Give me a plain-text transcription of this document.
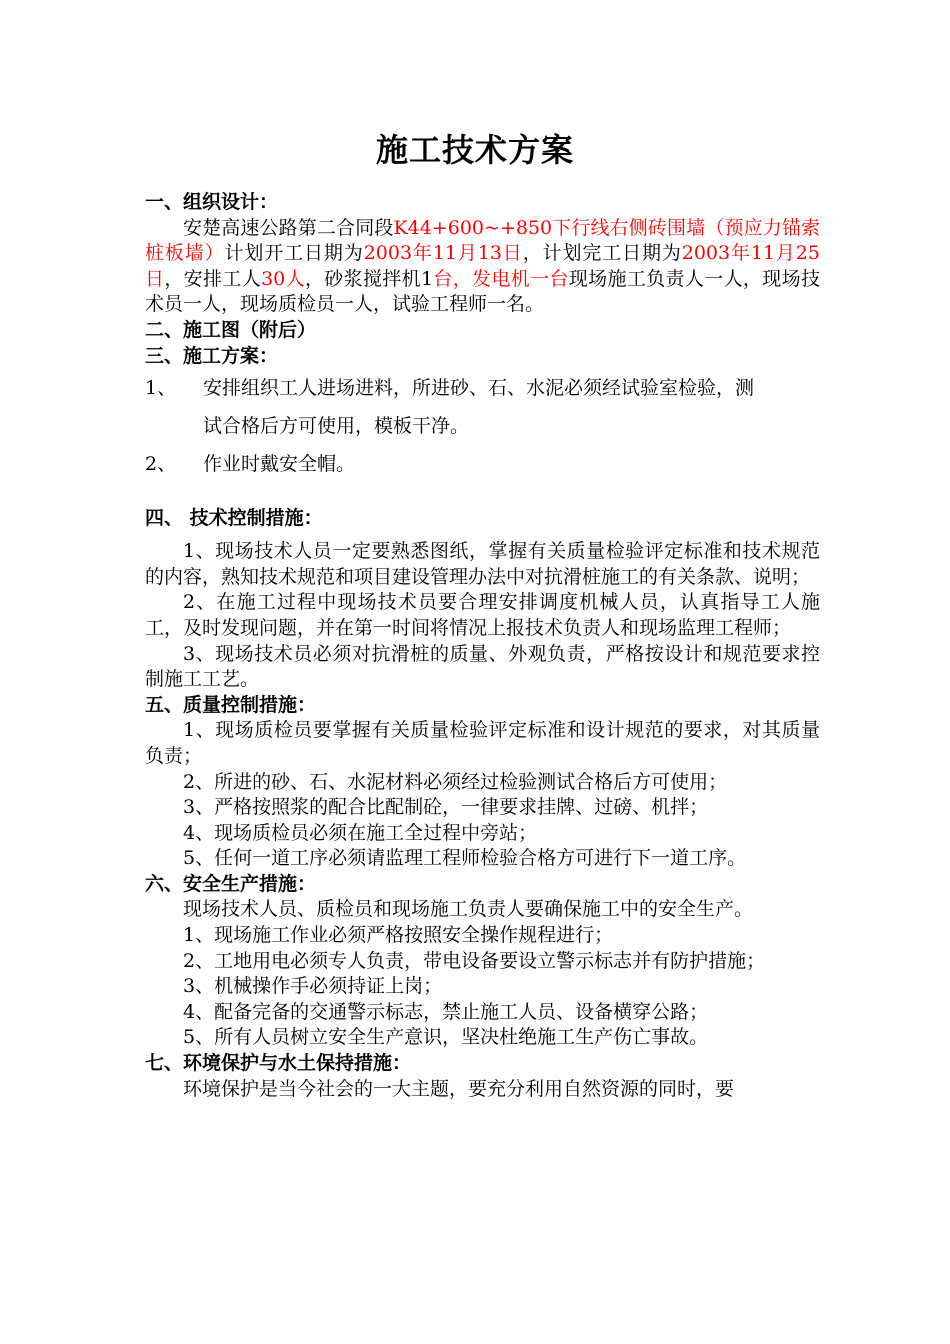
施工技术方案

一、组织设计：

安楚高速公路第二合同段K44+600~+850下行线右侧砖围墙（预应力锚索桩板墙）计划开工日期为2003年11月13日，计划完工日期为2003年11月25日，安排工人30人，砂浆搅拌机1台，发电机一台现场施工负责人一人，现场技术员一人，现场质检员一人，试验工程师一名。

二、施工图（附后）

三、施工方案：

1、	安排组织工人进场进料，所进砂、石、水泥必须经试验室检验，测
试合格后方可使用，模板干净。
2、	作业时戴安全帽。

四、 技术控制措施：

1、现场技术人员一定要熟悉图纸，掌握有关质量检验评定标准和技术规范的内容，熟知技术规范和项目建设管理办法中对抗滑桩施工的有关条款、说明；

2、在施工过程中现场技术员要合理安排调度机械人员，认真指导工人施工，及时发现问题，并在第一时间将情况上报技术负责人和现场监理工程师；

3、现场技术员必须对抗滑桩的质量、外观负责，严格按设计和规范要求控制施工工艺。

五、质量控制措施：

1、现场质检员要掌握有关质量检验评定标准和设计规范的要求，对其质量负责；

2、所进的砂、石、水泥材料必须经过检验测试合格后方可使用；

3、严格按照浆的配合比配制砼，一律要求挂牌、过磅、机拌；

4、现场质检员必须在施工全过程中旁站；

5、任何一道工序必须请监理工程师检验合格方可进行下一道工序。

六、安全生产措施：

现场技术人员、质检员和现场施工负责人要确保施工中的安全生产。

1、现场施工作业必须严格按照安全操作规程进行；

2、工地用电必须专人负责，带电设备要设立警示标志并有防护措施；

3、机械操作手必须持证上岗；

4、配备完备的交通警示标志，禁止施工人员、设备横穿公路；

5、所有人员树立安全生产意识，坚决杜绝施工生产伤亡事故。

七、环境保护与水土保持措施：

环境保护是当今社会的一大主题，要充分利用自然资源的同时，要
